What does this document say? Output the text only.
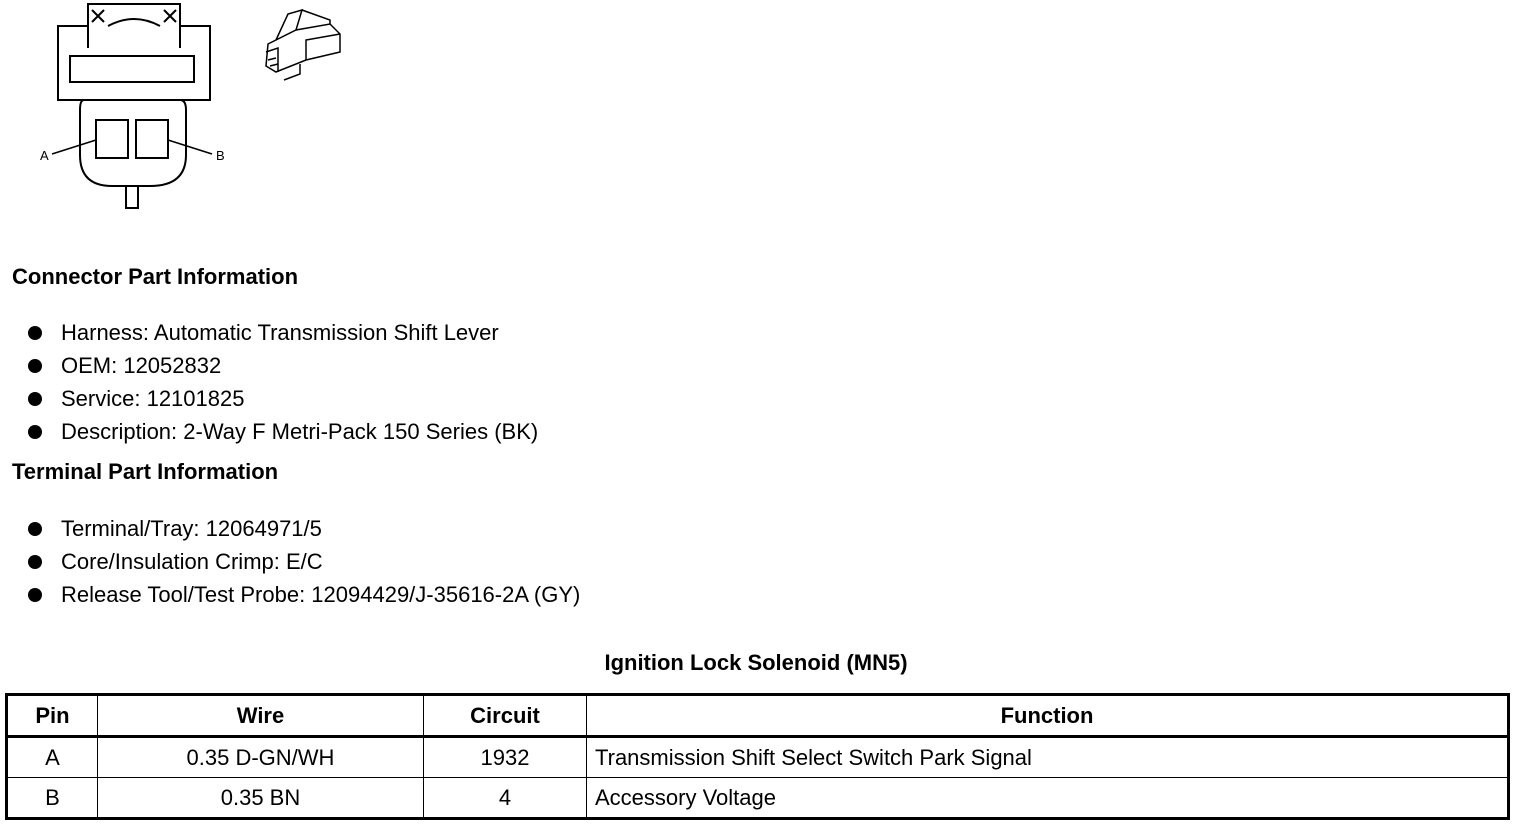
A	B
Connector Part Information
Harness: Automatic Transmission Shift Lever
OEM: 12052832
Service: 12101825
Description: 2-Way F Metri-Pack 150 Series (BK)
Terminal Part Information
Terminal/Tray: 12064971/5
Core/Insulation Crimp: E/C
Release Tool/Test Probe: 12094429/J-35616-2A (GY)
Ignition Lock Solenoid (MN5)
Pin	Wire	Circuit	Function
A	0.35 D-GN/WH	1932	Transmission Shift Select Switch Park Signal
B	0.35 BN	4	Accessory Voltage
